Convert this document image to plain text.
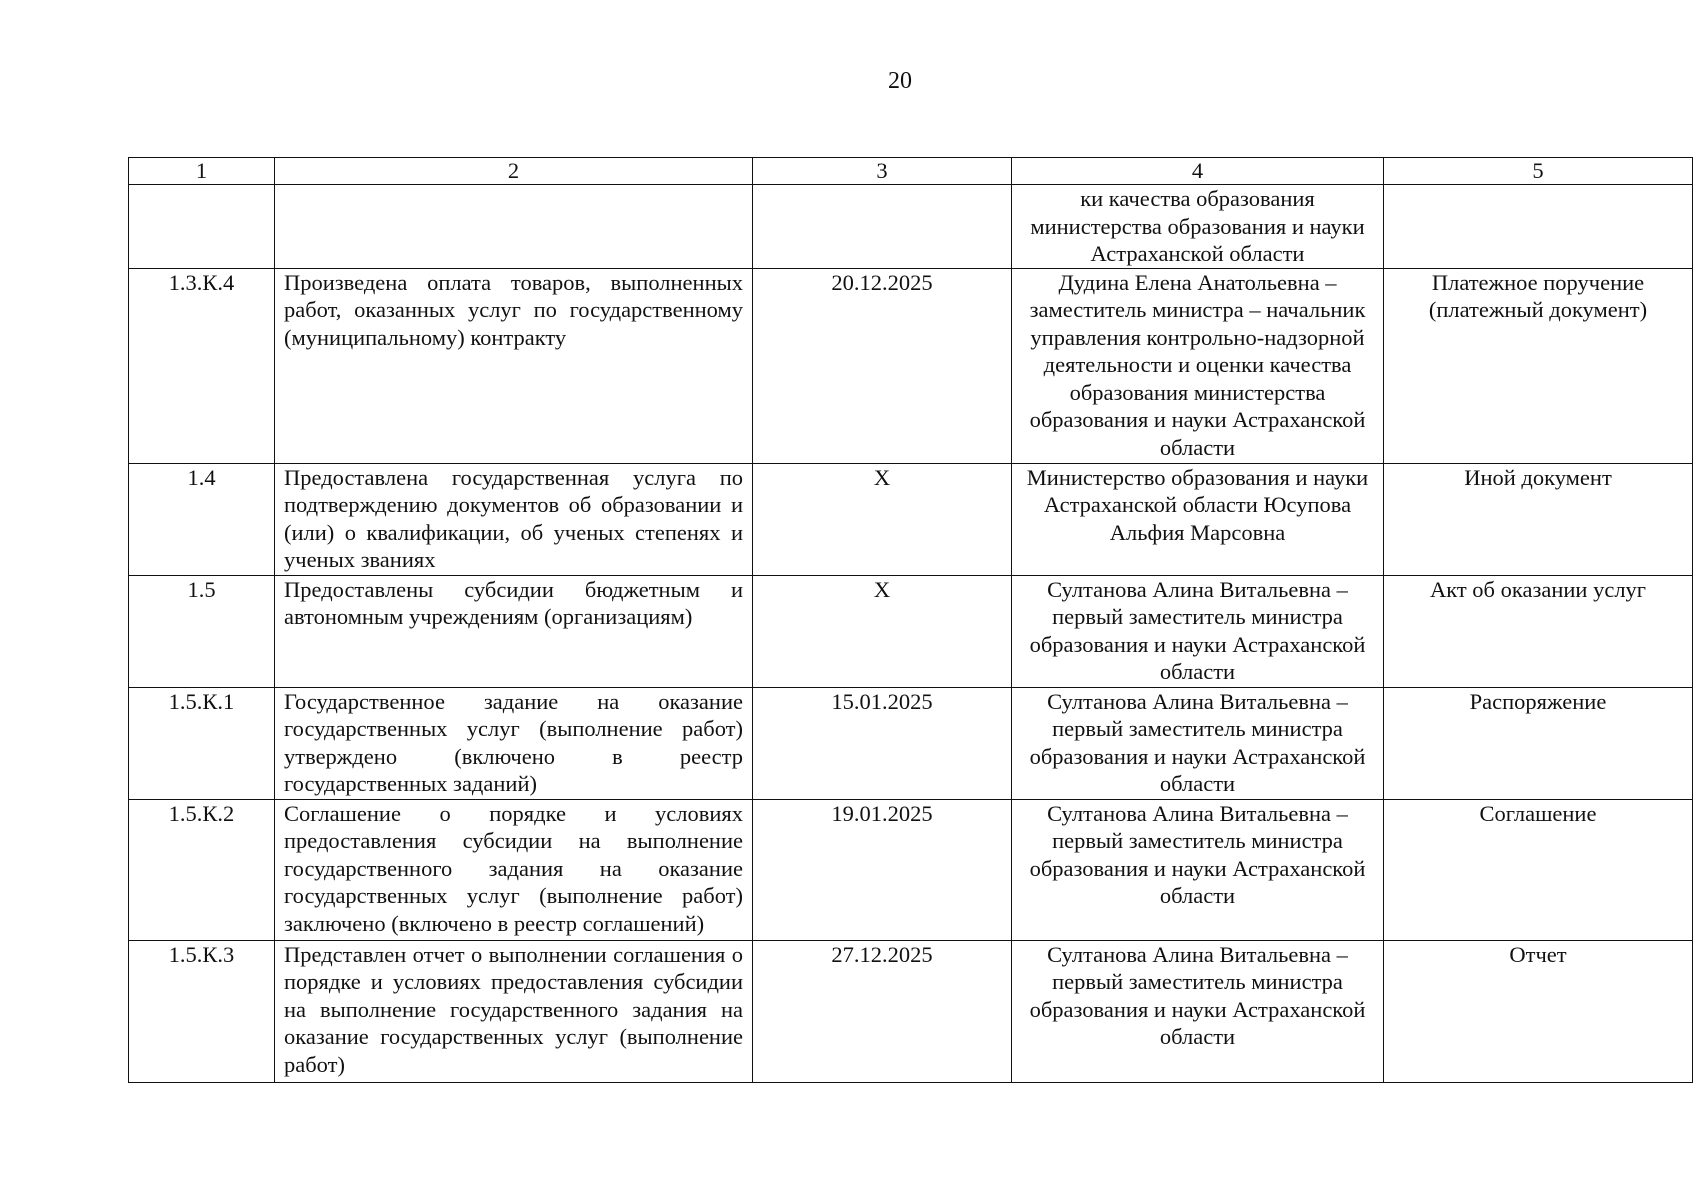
20
1	2	3	4	5
			ки качества образования министерства образования и науки Астраханской области	
1.3.К.4	Произведена оплата товаров, выполненных работ, оказанных услуг по государственному (муниципальному) контракту	20.12.2025	Дудина Елена Анатольевна – заместитель министра – начальник управления контрольно-надзорной деятельности и оценки качества образования министерства образования и науки Астраханской области	Платежное поручение (платежный документ)
1.4	Предоставлена государственная услуга по подтверждению документов об образовании и (или) о квалификации, об ученых степенях и ученых званиях	Х	Министерство образования и науки Астраханской области Юсупова Альфия Марсовна	Иной документ
1.5	Предоставлены субсидии бюджетным и автономным учреждениям (организациям)	Х	Султанова Алина Витальевна – первый заместитель министра образования и науки Астраханской области	Акт об оказании услуг
1.5.К.1	Государственное задание на оказание государственных услуг (выполнение работ) утверждено (включено в реестр государственных заданий)	15.01.2025	Султанова Алина Витальевна – первый заместитель министра образования и науки Астраханской области	Распоряжение
1.5.К.2	Соглашение о порядке и условиях предоставления субсидии на выполнение государственного задания на оказание государственных услуг (выполнение работ) заключено (включено в реестр соглашений)	19.01.2025	Султанова Алина Витальевна – первый заместитель министра образования и науки Астраханской области	Соглашение
1.5.К.3	Представлен отчет о выполнении соглашения о порядке и условиях предоставления субсидии на выполнение государственного задания на оказание государственных услуг (выполнение работ)	27.12.2025	Султанова Алина Витальевна – первый заместитель министра образования и науки Астраханской области	Отчет
